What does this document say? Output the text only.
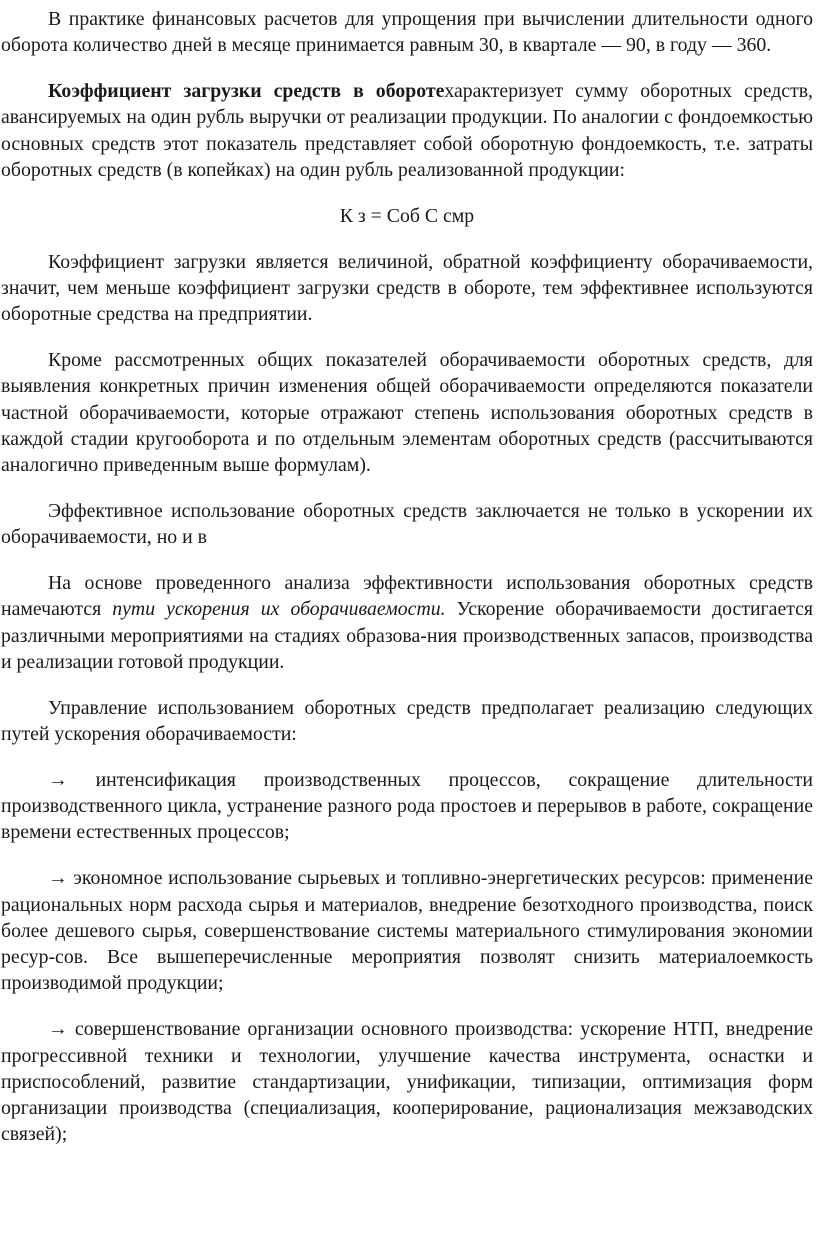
В практике финансовых расчетов для упрощения при вычислении длительности одного оборота количество дней в месяце принимается равным 30, в квартале — 90, в году — 360.

Коэффициент загрузки средств в оборотехарактеризует сумму оборотных средств, авансируемых на один рубль выручки от реализации продукции. По аналогии с фондоемкостью основных средств этот показатель представляет собой оборотную фондоемкость, т.е. затраты оборотных средств (в копейках) на один рубль реализованной продукции:

К з = Соб С смр

Коэффициент загрузки является величиной, обратной коэффициенту оборачиваемости, значит, чем меньше коэффициент загрузки средств в обороте, тем эффективнее используются оборотные средства на предприятии.

Кроме рассмотренных общих показателей оборачиваемости оборотных средств, для выявления конкретных причин изменения общей оборачиваемости определяются показатели частной оборачиваемости, которые отражают степень использования оборотных средств в каждой стадии кругооборота и по отдельным элементам оборотных средств (рассчитываются аналогично приведенным выше формулам).

Эффективное использование оборотных средств заключается не только в ускорении их оборачиваемости, но и в

На основе проведенного анализа эффективности использования оборотных средств намечаются пути ускорения их оборачиваемости. Ускорение оборачиваемости достигается различными мероприятиями на стадиях образова-ния производственных запасов, производства и реализации готовой продукции.

Управление использованием оборотных средств предполагает реализацию следующих путей ускорения оборачиваемости:

→ интенсификация производственных процессов, сокращение длительности производственного цикла, устранение разного рода простоев и перерывов в работе, сокращение времени естественных процессов;

→ экономное использование сырьевых и топливно-энергетических ресурсов: применение рациональных норм расхода сырья и материалов, внедрение безотходного производства, поиск более дешевого сырья, совершенствование системы материального стимулирования экономии ресур-сов. Все вышеперечисленные мероприятия позволят снизить материалоемкость производимой продукции;

→ совершенствование организации основного производства: ускорение НТП, внедрение прогрессивной техники и технологии, улучшение качества инструмента, оснастки и приспособлений, развитие стандартизации, унификации, типизации, оптимизация форм организации производства (специализация, кооперирование, рационализация межзаводских связей);
